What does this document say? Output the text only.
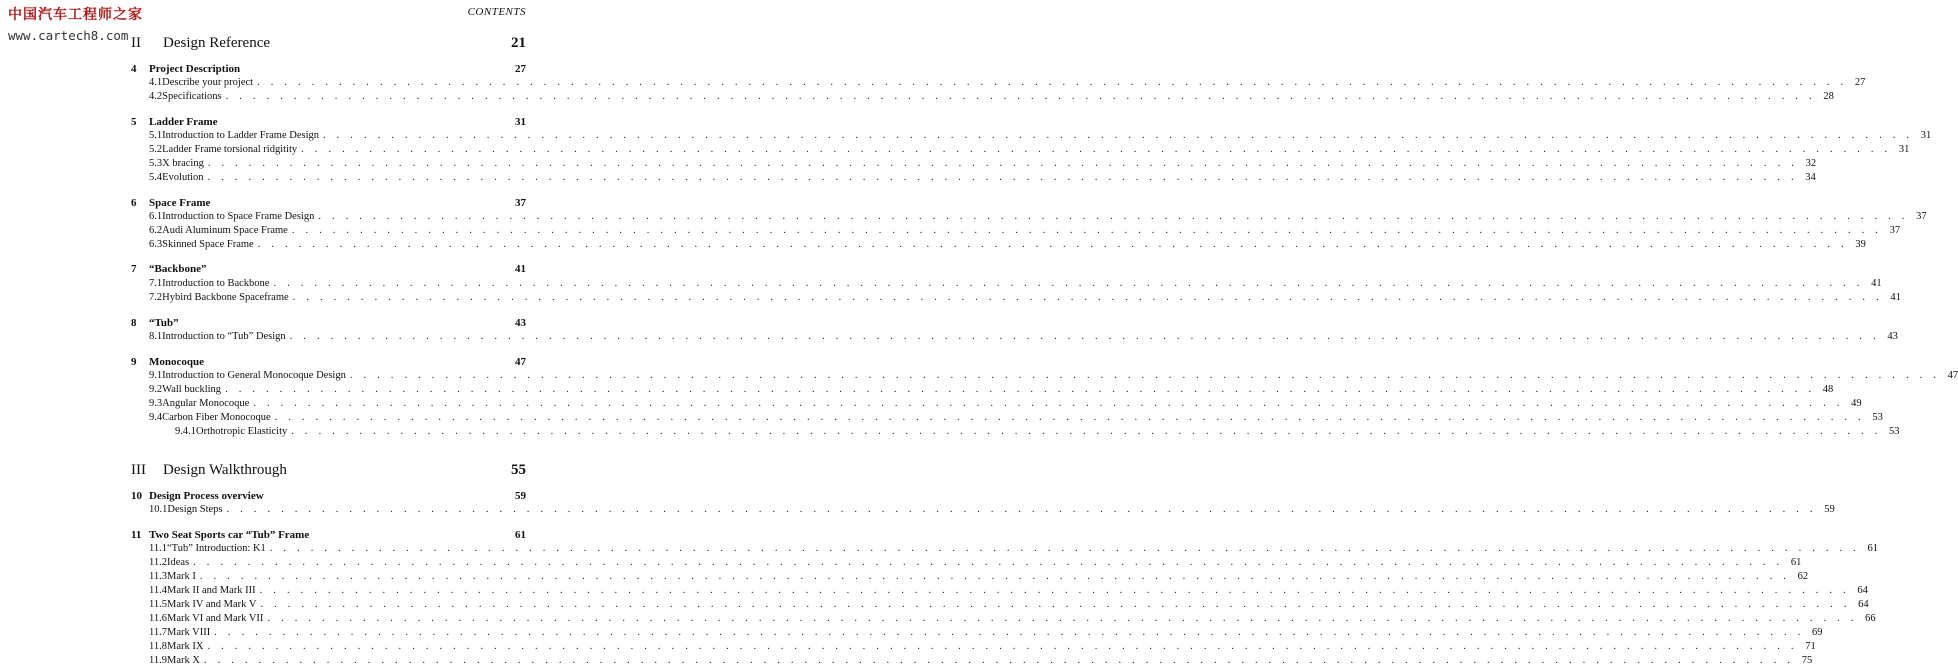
中国汽车工程师之家
www.cartech8.com
CONTENTS
II	Design Reference	21
4	Project Description	27
4.1 Describe your project . . .	27
4.2 Specifications . . .	28
5	Ladder Frame	31
5.1 Introduction to Ladder Frame Design . . .	31
5.2 Ladder Frame torsional ridgitity . . .	31
5.3 X bracing . . .	32
5.4 Evolution . . .	34
6	Space Frame	37
6.1 Introduction to Space Frame Design . . .	37
6.2 Audi Aluminum Space Frame . . .	37
6.3 Skinned Space Frame . . .	39
7	“Backbone”	41
7.1 Introduction to Backbone . . .	41
7.2 Hybird Backbone Spaceframe . . .	41
8	“Tub”	43
8.1 Introduction to “Tub” Design . . .	43
9	Monocoque	47
9.1 Introduction to General Monocoque Design . . .	47
9.2 Wall buckling . . .	48
9.3 Angular Monocoque . . .	49
9.4 Carbon Fiber Monocoque . . .	53
9.4.1 Orthotropic Elasticity . . .	53
III	Design Walkthrough	55
10 Design Process overview	59
10.1 Design Steps . . .	59
11 Two Seat Sports car “Tub” Frame	61
11.1 “Tub” Introduction: K1 . . .	61
11.2 Ideas . . .	61
11.3 Mark I . . .	62
11.4 Mark II and Mark III . . .	64
11.5 Mark IV and Mark V . . .	64
11.6 Mark VI and Mark VII . . .	66
11.7 Mark VIII . . .	69
11.8 Mark IX . . .	71
11.9 Mark X . . .	75
